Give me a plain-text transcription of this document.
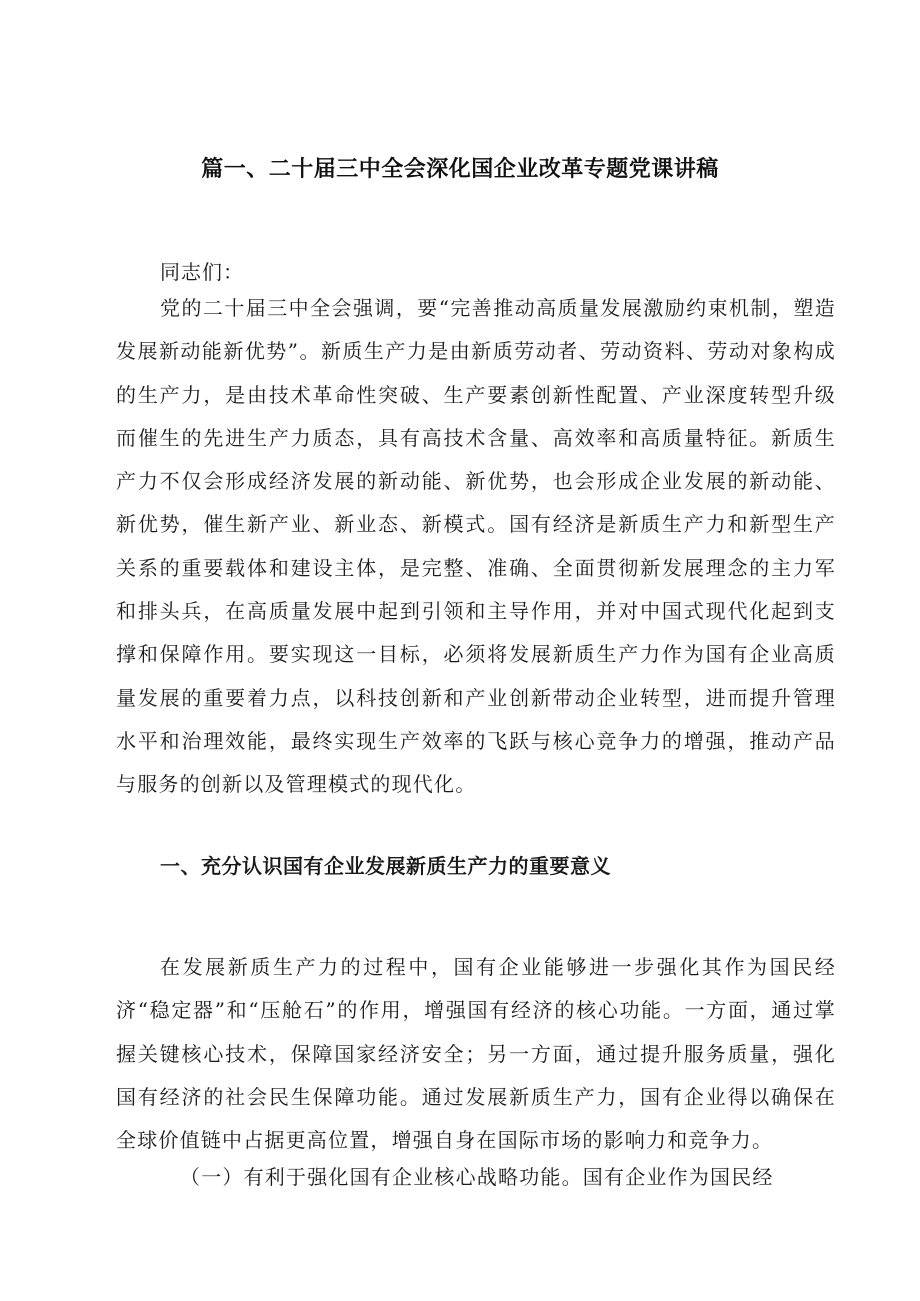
篇一、二十届三中全会深化国企业改革专题党课讲稿
同志们：

党的二十届三中全会强调，要“完善推动高质量发展激励约束机制，塑造发展新动能新优势”。新质生产力是由新质劳动者、劳动资料、劳动对象构成的生产力，是由技术革命性突破、生产要素创新性配置、产业深度转型升级而催生的先进生产力质态，具有高技术含量、高效率和高质量特征。新质生产力不仅会形成经济发展的新动能、新优势，也会形成企业发展的新动能、新优势，催生新产业、新业态、新模式。国有经济是新质生产力和新型生产关系的重要载体和建设主体，是完整、准确、全面贯彻新发展理念的主力军和排头兵，在高质量发展中起到引领和主导作用，并对中国式现代化起到支撑和保障作用。要实现这一目标，必须将发展新质生产力作为国有企业高质量发展的重要着力点，以科技创新和产业创新带动企业转型，进而提升管理水平和治理效能，最终实现生产效率的飞跃与核心竞争力的增强，推动产品与服务的创新以及管理模式的现代化。

一、充分认识国有企业发展新质生产力的重要意义

在发展新质生产力的过程中，国有企业能够进一步强化其作为国民经济“稳定器”和“压舱石”的作用，增强国有经济的核心功能。一方面，通过掌握关键核心技术，保障国家经济安全；另一方面，通过提升服务质量，强化国有经济的社会民生保障功能。通过发展新质生产力，国有企业得以确保在全球价值链中占据更高位置，增强自身在国际市场的影响力和竞争力。

（一）有利于强化国有企业核心战略功能。国有企业作为国民经
